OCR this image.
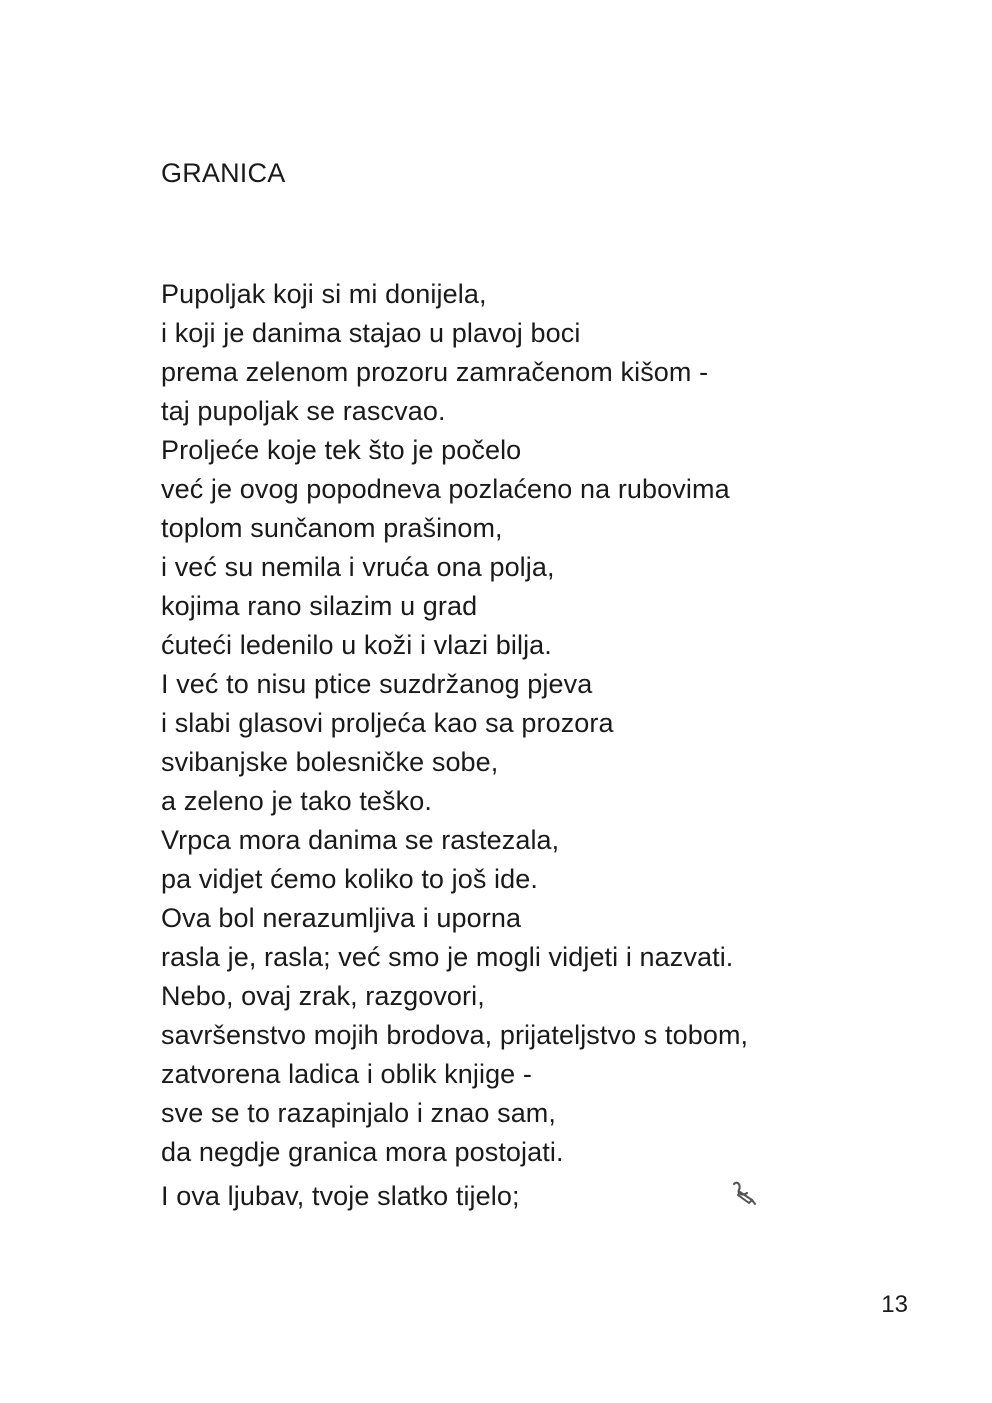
GRANICA
Pupoljak koji si mi donijela,
i koji je danima stajao u plavoj boci
prema zelenom prozoru zamračenom kišom -
taj pupoljak se rascvao.
Proljeće koje tek što je počelo
već je ovog popodneva pozlaćeno na rubovima
toplom sunčanom prašinom,
i već su nemila i vruća ona polja,
kojima rano silazim u grad
ćuteći ledenilo u koži i vlazi bilja.
I već to nisu ptice suzdržanog pjeva
i slabi glasovi proljeća kao sa prozora
svibanjske bolesničke sobe,
a zeleno je tako teško.
Vrpca mora danima se rastezala,
pa vidjet ćemo koliko to još ide.
Ova bol nerazumljiva i uporna
rasla je, rasla; već smo je mogli vidjeti i nazvati.
Nebo, ovaj zrak, razgovori,
savršenstvo mojih brodova, prijateljstvo s tobom,
zatvorena ladica i oblik knjige -
sve se to razapinjalo i znao sam,
da negdje granica mora postojati.
I ova ljubav, tvoje slatko tijelo;

13
